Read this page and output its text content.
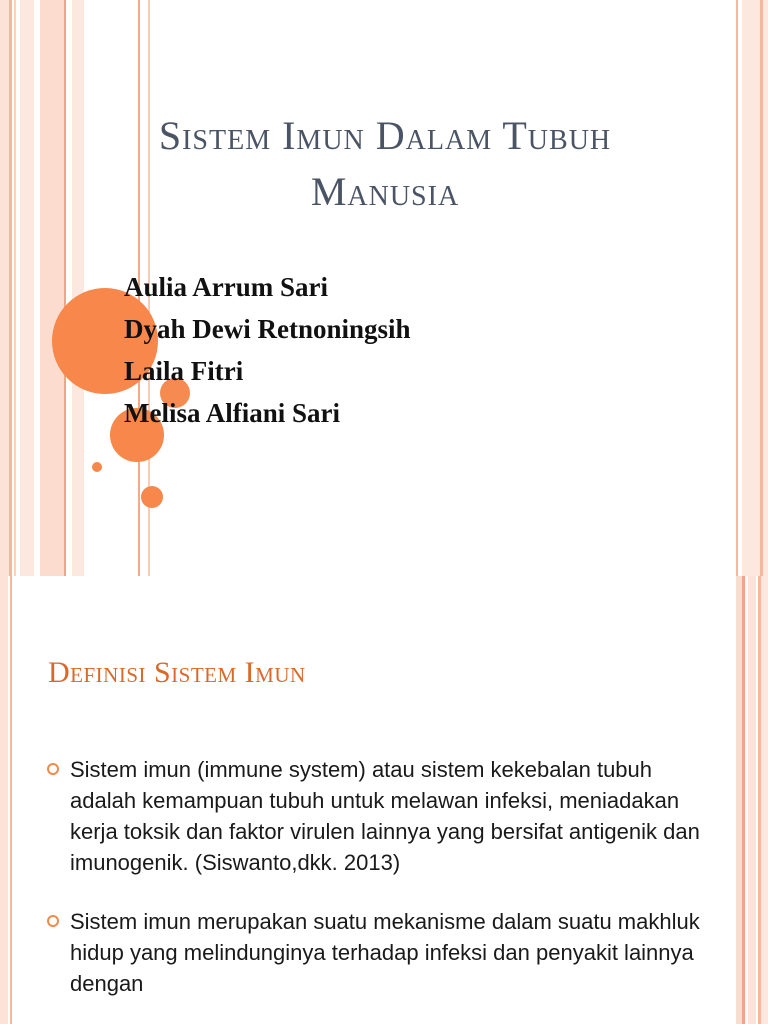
Sistem Imun Dalam Tubuh Manusia
Aulia Arrum Sari
Dyah Dewi Retnoningsih
Laila Fitri
Melisa Alfiani Sari
Definisi Sistem Imun
Sistem imun (immune system) atau sistem kekebalan tubuh adalah kemampuan tubuh untuk melawan infeksi, meniadakan kerja toksik dan faktor virulen lainnya yang bersifat antigenik dan imunogenik. (Siswanto,dkk. 2013)
Sistem imun merupakan suatu mekanisme dalam suatu makhluk hidup yang melindunginya terhadap infeksi dan penyakit lainnya dengan
